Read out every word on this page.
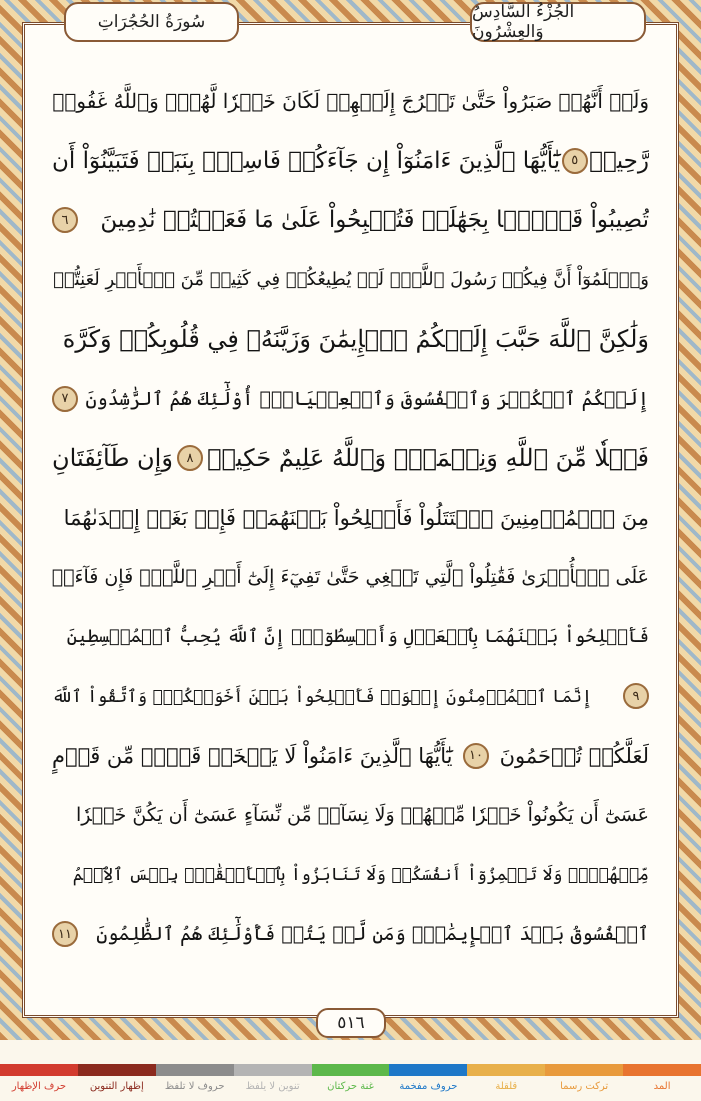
سُورَةُ الحُجُرَاتِ	الجُزْءُ السَّادِسُ وَالعِشْرُونَ
وَلَوۡ أَنَّهُمۡ صَبَرُواْ حَتَّىٰ تَخۡرُجَ إِلَيۡهِمۡ لَكَانَ خَيۡرٗا لَّهُمۡۚ وَٱللَّهُ غَفُورٞ
رَّحِيمٞ
٥
يَٰٓأَيُّهَا ٱلَّذِينَ ءَامَنُوٓاْ إِن جَآءَكُمۡ فَاسِقُۢ بِنَبَإٖ فَتَبَيَّنُوٓاْ أَن
تُصِيبُواْ قَوۡمَۢا بِجَهَٰلَةٖ فَتُصۡبِحُواْ عَلَىٰ مَا فَعَلۡتُمۡ نَٰدِمِينَ
٦
وَٱعۡلَمُوٓاْ أَنَّ فِيكُمۡ رَسُولَ ٱللَّهِۚ لَوۡ يُطِيعُكُمۡ فِي كَثِيرٖ مِّنَ ٱلۡأَمۡرِ لَعَنِتُّمۡ
وَلَٰكِنَّ ٱللَّهَ حَبَّبَ إِلَيۡكُمُ ٱلۡإِيمَٰنَ وَزَيَّنَهُۥ فِي قُلُوبِكُمۡ وَكَرَّهَ
إِلَيۡكُمُ ٱلۡكُفۡرَ وَٱلۡفُسُوقَ وَٱلۡعِصۡيَانَۚ أُوْلَٰٓئِكَ هُمُ ٱلرَّٰشِدُونَ
٧
فَضۡلٗا مِّنَ ٱللَّهِ وَنِعۡمَةٗۚ وَٱللَّهُ عَلِيمٌ حَكِيمٞ
٨
وَإِن طَآئِفَتَانِ
مِنَ ٱلۡمُؤۡمِنِينَ ٱقۡتَتَلُواْ فَأَصۡلِحُواْ بَيۡنَهُمَاۖ فَإِنۢ بَغَتۡ إِحۡدَىٰهُمَا
عَلَى ٱلۡأُخۡرَىٰ فَقَٰتِلُواْ ٱلَّتِي تَبۡغِي حَتَّىٰ تَفِيٓءَ إِلَىٰٓ أَمۡرِ ٱللَّهِۚ فَإِن فَآءَتۡ
فَأَصۡلِحُواْ بَيۡنَهُمَا بِٱلۡعَدۡلِ وَأَقۡسِطُوٓاْۖ إِنَّ ٱللَّهَ يُحِبُّ ٱلۡمُقۡسِطِينَ
٩
إِنَّمَا ٱلۡمُؤۡمِنُونَ إِخۡوَةٞ فَأَصۡلِحُواْ بَيۡنَ أَخَوَيۡكُمۡۚ وَٱتَّقُواْ ٱللَّهَ
لَعَلَّكُمۡ تُرۡحَمُونَ
١٠
يَٰٓأَيُّهَا ٱلَّذِينَ ءَامَنُواْ لَا يَسۡخَرۡ قَوۡمٞ مِّن قَوۡمٍ
عَسَىٰٓ أَن يَكُونُواْ خَيۡرٗا مِّنۡهُمۡ وَلَا نِسَآءٞ مِّن نِّسَآءٍ عَسَىٰٓ أَن يَكُنَّ خَيۡرٗا
مِّنۡهُنَّۖ وَلَا تَلۡمِزُوٓاْ أَنفُسَكُمۡ وَلَا تَنَابَزُواْ بِٱلۡأَلۡقَٰبِۖ بِئۡسَ ٱلِٱسۡمُ
ٱلۡفُسُوقُ بَعۡدَ ٱلۡإِيمَٰنِۚ وَمَن لَّمۡ يَتُبۡ فَأُوْلَٰٓئِكَ هُمُ ٱلظَّٰلِمُونَ
١١
٥١٦
المد
تركت رسما
قلقلة
حروف مفخمة
غنة حركتان
تنوين لا يلفظ
حروف لا تلفظ
إظهار التنوين
حرف الإظهار
